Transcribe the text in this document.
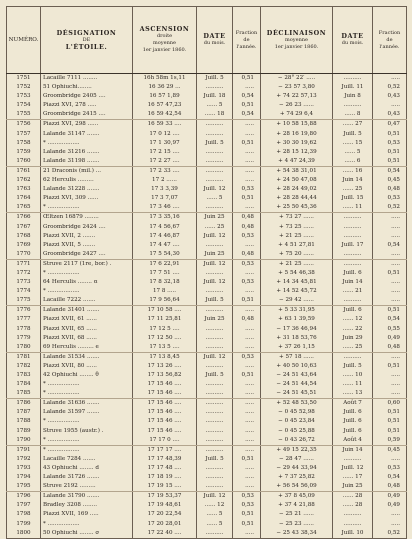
NUMÉRO.	DÉSIGNATION
DE
L'ÉTOILE.	ASCENSION
droite
moyenne
1er janvier 1860.	DATE
du mois.	Fraction
de
l'année.	DÉCLINAISON
moyenne
1er janvier 1860.	DATE
du mois.	Fraction
de
l'année.

1751	Lacaille 7111 ........	16h 58m 1s,11	Juill. 5	0,51	− 28° 22′ .....	..........	.....
1752	51 Ophiuchi........	16 36 29 ...	..........	.....	− 23 57 3,80	Juill. 11	0,52
1753	Groombridge 2405 ....	16 57 1,89	Juill. 18	0,54	+ 74 22 57,13	Juin 8	0,43
1754	Piazzi XVI, 278 .....	16 57 47,23	...... 5	0,51	− 26 23 ......	..........	.....
1755	Groombridge 2415 ....	16 59 42,54	...... 18	0,54	+ 74 29 6,4	...... 8	0,43
1756	Piazzi XVI, 298 ......	16 59 33 ....	..........	.....	+ 10 58 15,88	...... 27	0,47
1757	Lalande 31147 .......	17 0 12 ....	..........	.....	+ 28 16 19,80	Juill. 5	0,51
1758	* ..................	17 1 30,97	Juill. 5	0,51	+ 30 30 19,62	...... 15	0,53
1759	Lalande 31216 .......	17 2 15 ....	..........	.....	+ 28 15 12,39	...... 5	0,51
1760	Lalande 31198 .......	17 2 27 ....	..........	.....	+ 4 47 24,39	...... 6	0,51
1761	21 Draconis (mil.) ...	17 2 33 ....	..........	.....	+ 54 38 31,01	...... 16	0,54
1762	62 Herculis .........	17 2 ......	..........	.....	+ 24 50 47,08	Juin 14	0,45
1763	Lalande 31228 .......	17 3 3,39	Juill. 12	0,53	+ 28 24 49,02	...... 25	0,48
1764	Piazzi XVI, 309 ......	17 3 7,07	...... 5	0,51	+ 28 28 44,44	Juill. 15	0,53
1765	* ..................	17 3 46 ....	..........	.....	+ 25 50 45,36	...... 11	0,52
1766	Œltzen 16879 ........	17 3 35,16	Juin 25	0,48	+ 73 27 ......	..........	.....
1767	Groombridge 2424 ....	17 4 56,67	...... 25	0,48	+ 73 25 ......	..........	.....
1768	Piazzi XVII, 2 .......	17 4 46,87	Juill. 12	0,53	+ 21 25 ......	..........	.....
1769	Piazzi XVII, 5 .......	17 4 47 ....	..........	.....	+ 4 51 27,81	Juill. 17	0,54
1770	Groombridge 2427 ....	17 5 54,30	Juin 25	0,48	+ 75 20 ......	..........	.....
1771	Struve 2117 (1re, bor.) .	17 6 22,91	Juill. 12	0,53	+ 21 25 ......	..........	.....
1772	* ..................	17 7 51 ....	..........	.....	+ 5 54 46,38	Juill. 6	0,51
1773	64 Herculis ........ α	17 8 32,18	Juill. 12	0,53	+ 14 34 45,81	Juin 14	.....
1774	* ..................	17 8 .....	..........	.....	+ 14 52 45,72	...... 21	.....
1775	Lacaille 7222 .......	17 9 56,64	Juill. 5	0,51	− 29 42 ......	..........	.....
1776	Lalande 31401 .......	17 10 58 ....	..........	.....	+ 5 33 31,95	Juill. 6	0,51
1777	Piazzi XVII, 61 ......	17 11 25,81	Juin 25	0,48	+ 63 1 39,59	...... 12	0,54
1778	Piazzi XVII, 65 ......	17 12 5 ....	..........	.....	− 17 36 46,94	...... 22	0,55
1779	Piazzi XVII, 68 ......	17 12 50 ....	..........	.....	+ 31 18 53,76	Juin 29	0,49
1780	69 Herculis ......... e	17 13 5 ....	..........	.....	+ 37 26 1,15	...... 25	0,48
1781	Lalande 31534 .......	17 13 8,45	Juill. 12	0,53	+ 57 18 ......	..........	.....
1782	Piazzi XVII, 80 ......	17 13 26 ....	..........	.....	+ 40 50 10,63	Juill. 5	0,51
1783	42 Ophiuchi ........ θ	17 13 56,82	Juill. 5	0,51	− 24 51 43,64	...... 10	.....
1784	* ..................	17 15 46 ....	..........	.....	− 24 51 44,54	...... 11	.....
1785	* ..................	17 15 46 ....	..........	.....	− 24 51 45,51	...... 13	.....
1786	Lalande 31636 .......	17 15 46 ....	..........	.....	+ 52 48 53,50	Août 7	0,60
1787	Lalande 31597 .......	17 15 46 ....	..........	.....	− 0 45 52,98	Juill. 6	0,51
1788	* ..................	17 15 46 ....	..........	.....	− 0 45 23,84	Juill. 6	0,51
1789	Struve 1955 (austr.) .	17 15 46 ....	..........	.....	− 0 45 25,88	Juill. 6	0,51
1790	* ..................	17 17 0 ....	..........	.....	− 0 43 26,72	Août 4	0,59
1791	* ..................	17 17 17 ....	..........	.....	+ 49 15 22,35	Juin 14	0,45
1792	Lacaille 7284 .......	17 17 48,39	Juill. 5	0,51	− 28 47 ......	..........	.....
1793	43 Ophiuchi ........ d	17 17 48 ....	..........	.....	− 29 44 33,94	Juill. 12	0,53
1794	Lalande 31726 .......	17 18 19 ....	..........	.....	+ 7 37 25,82	...... 17	0,54
1795	Struve 2192 .........	17 19 15 ....	..........	.....	+ 56 54 56,09	Juin 25	0,48
1796	Lalande 31790 .......	17 19 53,37	Juill. 12	0,53	+ 37 8 45,09	...... 28	0,49
1797	Bradley 3208 ........	17 19 48,61	...... 12	0,53	+ 37 4 21,88	...... 28	0,49
1798	Piazzi XVII, 169 .....	17 20 22,54	...... 5	0,51	− 25 21 ......	..........	.....
1799	* ..................	17 20 28,01	...... 5	0,51	− 25 23 ......	..........	.....
1800	50 Ophiuchi ........ σ	17 22 40 ....	..........	.....	− 25 43 38,34	Juill. 10	0,52
